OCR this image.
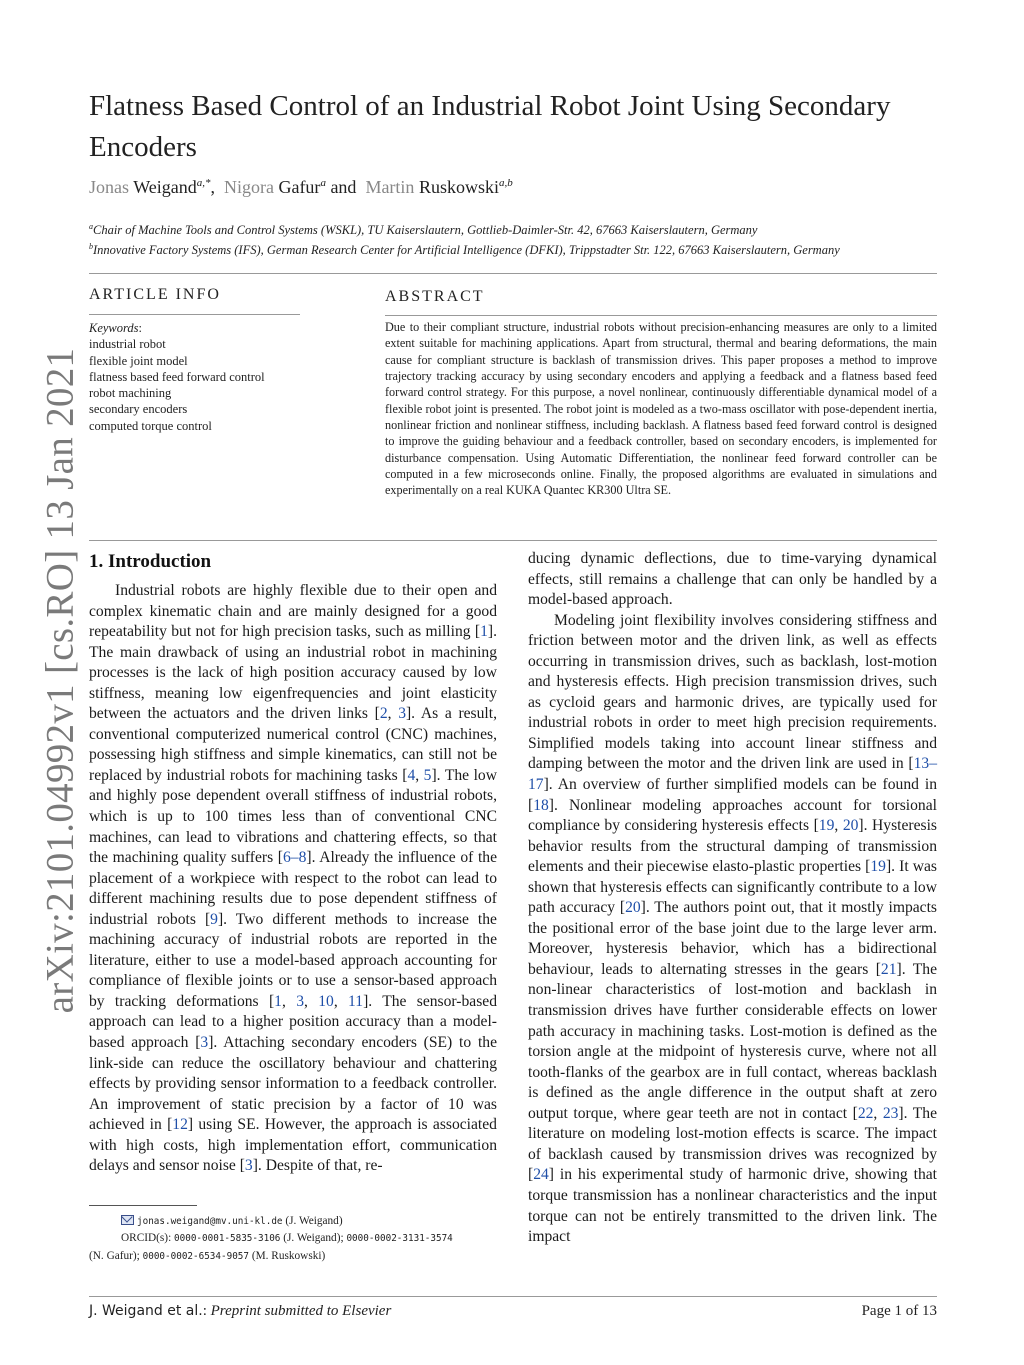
arXiv:2101.04992v1 [cs.RO] 13 Jan 2021
Flatness Based Control of an Industrial Robot Joint Using Secondary Encoders
Jonas Weigand$^{a,*}$, Nigora Gafur$^a$ and Martin Ruskowski$^{a,b}$
$^a$Chair of Machine Tools and Control Systems (WSKL), TU Kaiserslautern, Gottlieb-Daimler-Str. 42, 67663 Kaiserslautern, Germany
$^b$Innovative Factory Systems (IFS), German Research Center for Artificial Intelligence (DFKI), Trippstadter Str. 122, 67663 Kaiserslautern, Germany
ARTICLE INFO	ABSTRACT
Keywords:
industrial robot
flexible joint model
flatness based feed forward control
robot machining
secondary encoders
computed torque control
Due to their compliant structure, industrial robots without precision-enhancing measures are only to a limited extent suitable for machining applications. Apart from structural, thermal and bearing deformations, the main cause for compliant structure is backlash of transmission drives. This paper proposes a method to improve trajectory tracking accuracy by using secondary encoders and applying a feedback and a flatness based feed forward control strategy. For this purpose, a novel nonlinear, continuously differentiable dynamical model of a flexible robot joint is presented. The robot joint is modeled as a two-mass oscillator with pose-dependent inertia, nonlinear friction and nonlinear stiffness, including backlash. A flatness based feed forward control is designed to improve the guiding behaviour and a feedback controller, based on secondary encoders, is implemented for disturbance compensation. Using Automatic Differentiation, the nonlinear feed forward controller can be computed in a few microseconds online. Finally, the proposed algorithms are evaluated in simulations and experimentally on a real KUKA Quantec KR300 Ultra SE.
1. Introduction

Industrial robots are highly flexible due to their open and complex kinematic chain and are mainly designed for a good repeatability but not for high precision tasks, such as milling [1]. The main drawback of using an industrial robot in machining processes is the lack of high position accuracy caused by low stiffness, meaning low eigenfrequencies and joint elasticity between the actuators and the driven links [2, 3]. As a result, conventional computerized numerical control (CNC) machines, possessing high stiffness and simple kinematics, can still not be replaced by industrial robots for machining tasks [4, 5]. The low and highly pose dependent overall stiffness of industrial robots, which is up to 100 times less than of conventional CNC machines, can lead to vibrations and chattering effects, so that the machining quality suffers [6–8]. Already the influence of the placement of a workpiece with respect to the robot can lead to different machining results due to pose dependent stiffness of industrial robots [9]. Two different methods to increase the machining accuracy of industrial robots are reported in the literature, either to use a model-based approach accounting for compliance of flexible joints or to use a sensor-based approach by tracking deformations [1, 3, 10, 11]. The sensor-based approach can lead to a higher position accuracy than a model-based approach [3]. Attaching secondary encoders (SE) to the link-side can reduce the oscillatory behaviour and chattering effects by providing sensor information to a feedback controller. An improvement of static precision by a factor of 10 was achieved in [12] using SE. However, the approach is associated with high costs, high implementation effort, communication delays and sensor noise [3]. Despite of that, re-

jonas.weigand@mv.uni-kl.de (J. Weigand)
ORCID(s): 0000-0001-5835-3106 (J. Weigand); 0000-0002-3131-3574
(N. Gafur); 0000-0002-6534-9057 (M. Ruskowski)

ducing dynamic deflections, due to time-varying dynamical effects, still remains a challenge that can only be handled by a model-based approach.

Modeling joint flexibility involves considering stiffness and friction between motor and the driven link, as well as effects occurring in transmission drives, such as backlash, lost-motion and hysteresis effects. High precision transmission drives, such as cycloid gears and harmonic drives, are typically used for industrial robots in order to meet high precision requirements. Simplified models taking into account linear stiffness and damping between the motor and the driven link are used in [13–17]. An overview of further simplified models can be found in [18]. Nonlinear modeling approaches account for torsional compliance by considering hysteresis effects [19, 20]. Hysteresis behavior results from the structural damping of transmission elements and their piecewise elasto-plastic properties [19]. It was shown that hysteresis effects can significantly contribute to a low path accuracy [20]. The authors point out, that it mostly impacts the positional error of the base joint due to the large lever arm. Moreover, hysteresis behavior, which has a bidirectional behaviour, leads to alternating stresses in the gears [21]. The non-linear characteristics of lost-motion and backlash in transmission drives have further considerable effects on lower path accuracy in machining tasks. Lost-motion is defined as the torsion angle at the midpoint of hysteresis curve, where not all tooth-flanks of the gearbox are in full contact, whereas backlash is defined as the angle difference in the output shaft at zero output torque, where gear teeth are not in contact [22, 23]. The literature on modeling lost-motion effects is scarce. The impact of backlash caused by transmission drives was recognized by [24] in his experimental study of harmonic drive, showing that torque transmission has a nonlinear characteristics and the input torque can not be entirely transmitted to the driven link. The impact

J. Weigand et al.: Preprint submitted to Elsevier	Page 1 of 13
